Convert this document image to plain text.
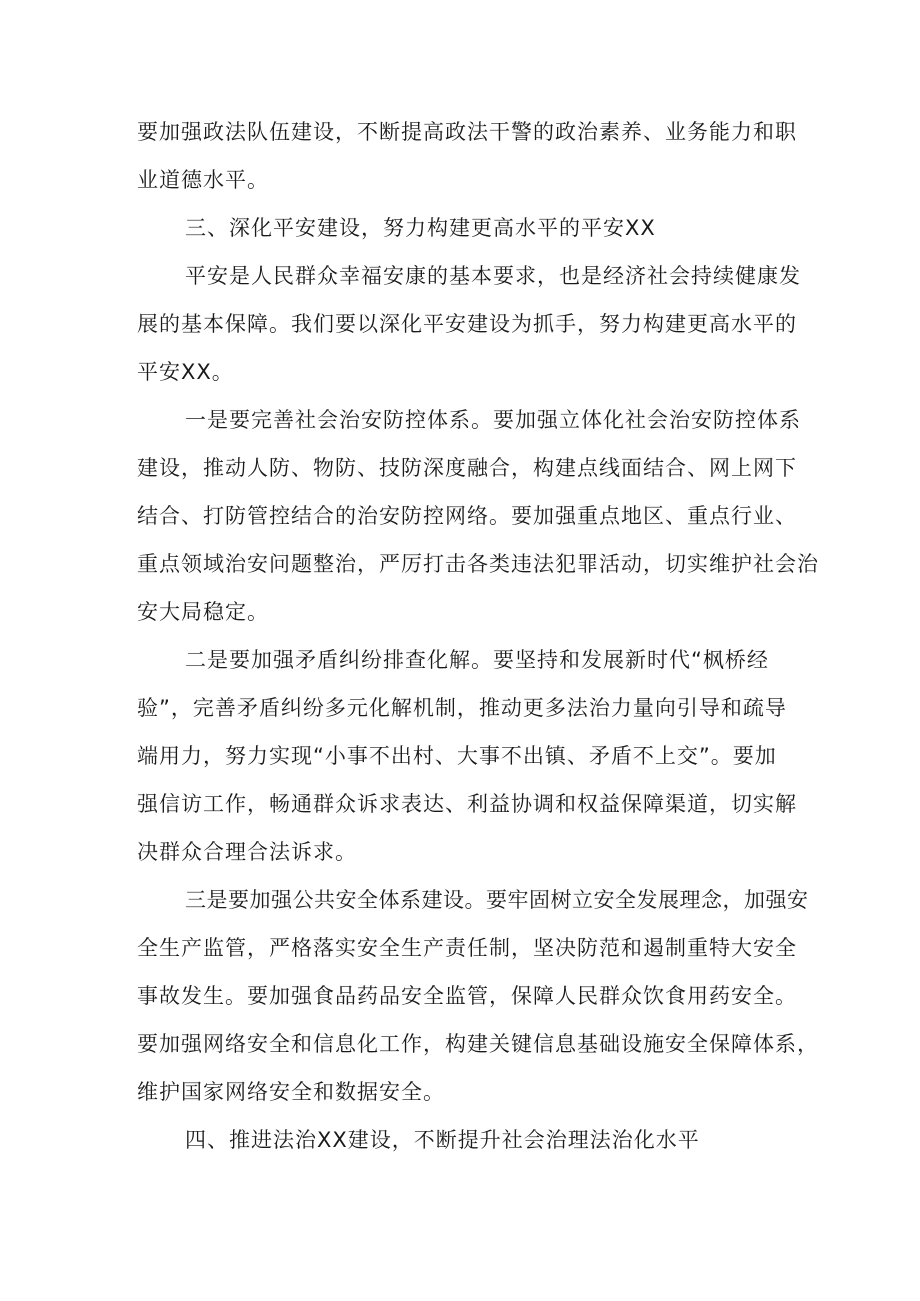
要加强政法队伍建设，不断提高政法干警的政治素养、业务能力和职

业道德水平。

三、深化平安建设，努力构建更高水平的平安XX

平安是人民群众幸福安康的基本要求，也是经济社会持续健康发

展的基本保障。我们要以深化平安建设为抓手，努力构建更高水平的

平安XX。

一是要完善社会治安防控体系。要加强立体化社会治安防控体系

建设，推动人防、物防、技防深度融合，构建点线面结合、网上网下

结合、打防管控结合的治安防控网络。要加强重点地区、重点行业、

重点领域治安问题整治，严厉打击各类违法犯罪活动，切实维护社会治

安大局稳定。

二是要加强矛盾纠纷排查化解。要坚持和发展新时代“枫桥经

验”，完善矛盾纠纷多元化解机制，推动更多法治力量向引导和疏导

端用力，努力实现“小事不出村、大事不出镇、矛盾不上交”。要加

强信访工作，畅通群众诉求表达、利益协调和权益保障渠道，切实解

决群众合理合法诉求。

三是要加强公共安全体系建设。要牢固树立安全发展理念，加强安

全生产监管，严格落实安全生产责任制，坚决防范和遏制重特大安全

事故发生。要加强食品药品安全监管，保障人民群众饮食用药安全。

要加强网络安全和信息化工作，构建关键信息基础设施安全保障体系，

维护国家网络安全和数据安全。

四、推进法治XX建设，不断提升社会治理法治化水平
